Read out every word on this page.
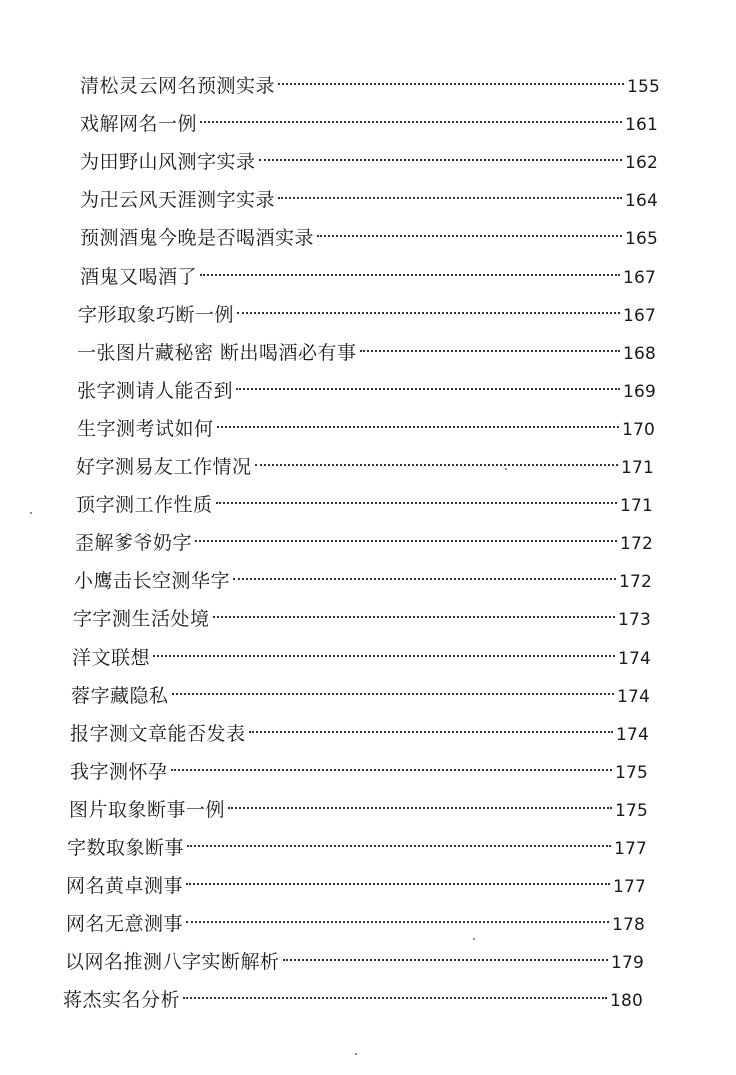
清松灵云网名预测实录	155
戏解网名一例	161
为田野山风测字实录	162
为卍云风天涯测字实录	164
预测酒鬼今晚是否喝酒实录	165
酒鬼又喝酒了	167
字形取象巧断一例	167
一张图片藏秘密 断出喝酒必有事	168
张字测请人能否到	169
生字测考试如何	170
好字测易友工作情况	171
顶字测工作性质	171
歪解爹爷奶字	172
小鹰击长空测华字	172
字字测生活处境	173
洋文联想	174
蓉字藏隐私	174
报字测文章能否发表	174
我字测怀孕	175
图片取象断事一例	175
字数取象断事	177
网名黄卓测事	177
网名无意测事	178
以网名推测八字实断解析	179
蒋杰实名分析	180
